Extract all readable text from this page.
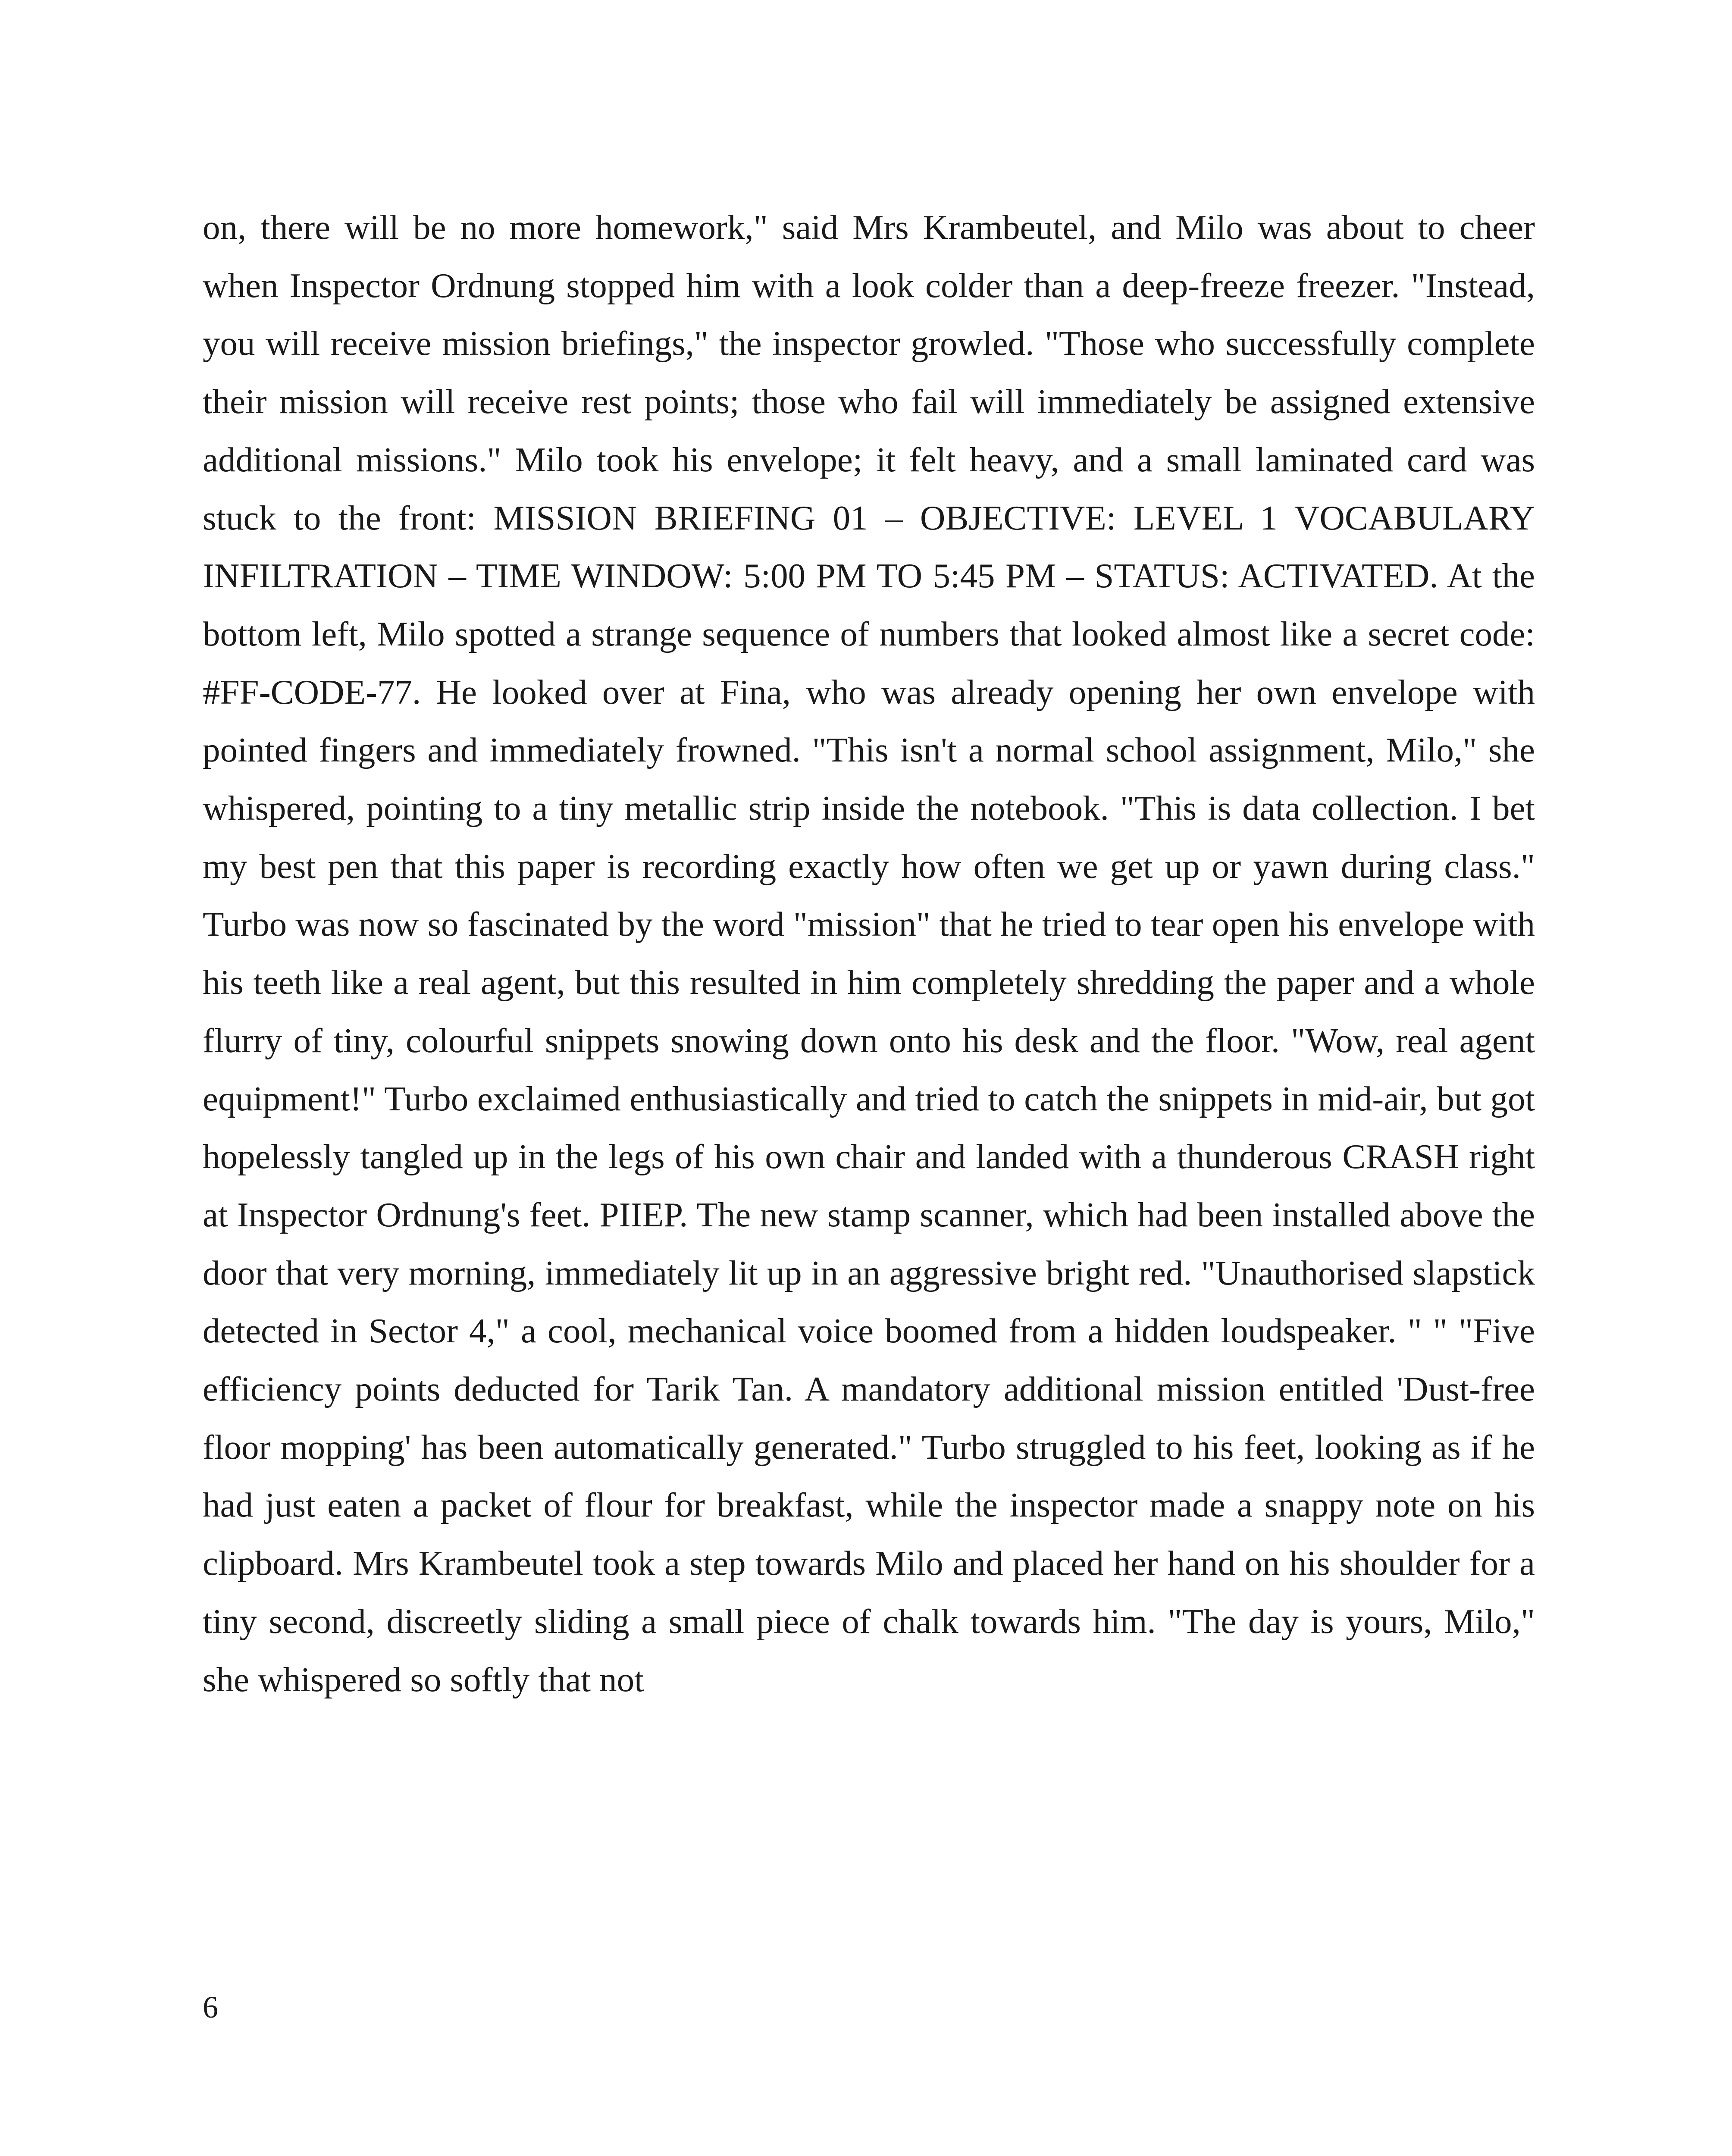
on, there will be no more homework," said Mrs Krambeutel, and Milo was about to cheer when Inspector Ordnung stopped him with a look colder than a deep-freeze freezer. "Instead, you will receive mission briefings," the inspector growled. "Those who successfully complete their mission will receive rest points; those who fail will immediately be assigned extensive additional missions." Milo took his envelope; it felt heavy, and a small laminated card was stuck to the front: MISSION BRIEFING 01 – OBJECTIVE: LEVEL 1 VOCABULARY INFILTRATION – TIME WINDOW: 5:00 PM TO 5:45 PM – STATUS: ACTIVATED. At the bottom left, Milo spotted a strange sequence of numbers that looked almost like a secret code: #FF-CODE-77. He looked over at Fina, who was already opening her own envelope with pointed fingers and immediately frowned. "This isn't a normal school assignment, Milo," she whispered, pointing to a tiny metallic strip inside the notebook. "This is data collection. I bet my best pen that this paper is recording exactly how often we get up or yawn during class." Turbo was now so fascinated by the word "mission" that he tried to tear open his envelope with his teeth like a real agent, but this resulted in him completely shredding the paper and a whole flurry of tiny, colourful snippets snowing down onto his desk and the floor. "Wow, real agent equipment!" Turbo exclaimed enthusiastically and tried to catch the snippets in mid-air, but got hopelessly tangled up in the legs of his own chair and landed with a thunderous CRASH right at Inspector Ordnung's feet. PIIEP. The new stamp scanner, which had been installed above the door that very morning, immediately lit up in an aggressive bright red. "Unauthorised slapstick detected in Sector 4," a cool, mechanical voice boomed from a hidden loudspeaker. " " "Five efficiency points deducted for Tarik Tan. A mandatory additional mission entitled 'Dust-free floor mopping' has been automatically generated." Turbo struggled to his feet, looking as if he had just eaten a packet of flour for breakfast, while the inspector made a snappy note on his clipboard. Mrs Krambeutel took a step towards Milo and placed her hand on his shoulder for a tiny second, discreetly sliding a small piece of chalk towards him. "The day is yours, Milo," she whispered so softly that not

6
